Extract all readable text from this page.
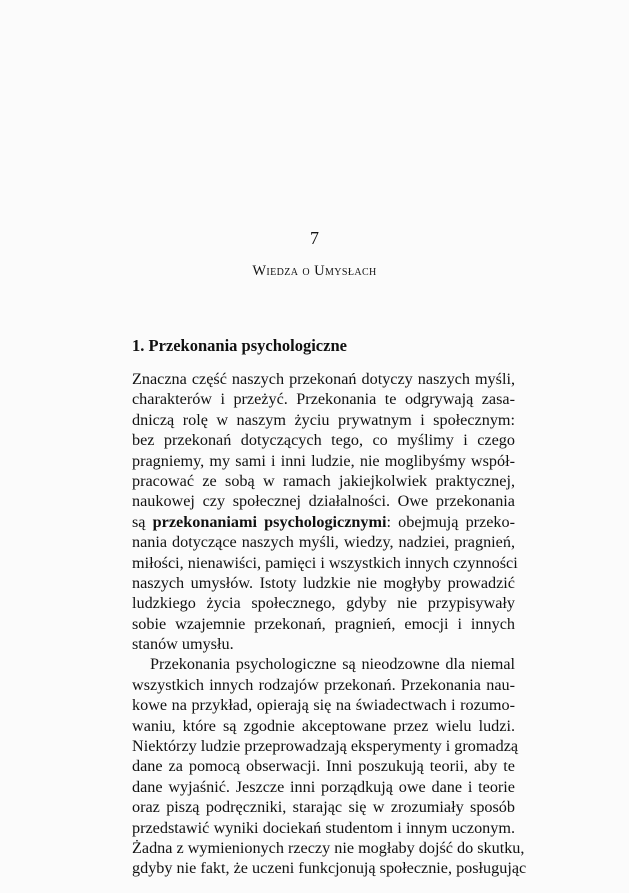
7
Wiedza o Umysłach
1. Przekonania psychologiczne
Znaczna część naszych przekonań dotyczy naszych myśli,
charakterów i przeżyć. Przekonania te odgrywają zasa-
dniczą rolę w naszym życiu prywatnym i społecznym:
bez przekonań dotyczących tego, co myślimy i czego
pragniemy, my sami i inni ludzie, nie moglibyśmy współ-
pracować ze sobą w ramach jakiejkolwiek praktycznej,
naukowej czy społecznej działalności. Owe przekonania
są przekonaniami psychologicznymi: obejmują przeko-
nania dotyczące naszych myśli, wiedzy, nadziei, pragnień,
miłości, nienawiści, pamięci i wszystkich innych czynności
naszych umysłów. Istoty ludzkie nie mogłyby prowadzić
ludzkiego życia społecznego, gdyby nie przypisywały
sobie wzajemnie przekonań, pragnień, emocji i innych
stanów umysłu.
Przekonania psychologiczne są nieodzowne dla niemal
wszystkich innych rodzajów przekonań. Przekonania nau-
kowe na przykład, opierają się na świadectwach i rozumo-
waniu, które są zgodnie akceptowane przez wielu ludzi.
Niektórzy ludzie przeprowadzają eksperymenty i gromadzą
dane za pomocą obserwacji. Inni poszukują teorii, aby te
dane wyjaśnić. Jeszcze inni porządkują owe dane i teorie
oraz piszą podręczniki, starając się w zrozumiały sposób
przedstawić wyniki dociekań studentom i innym uczonym.
Żadna z wymienionych rzeczy nie mogłaby dojść do skutku,
gdyby nie fakt, że uczeni funkcjonują społecznie, posługując
